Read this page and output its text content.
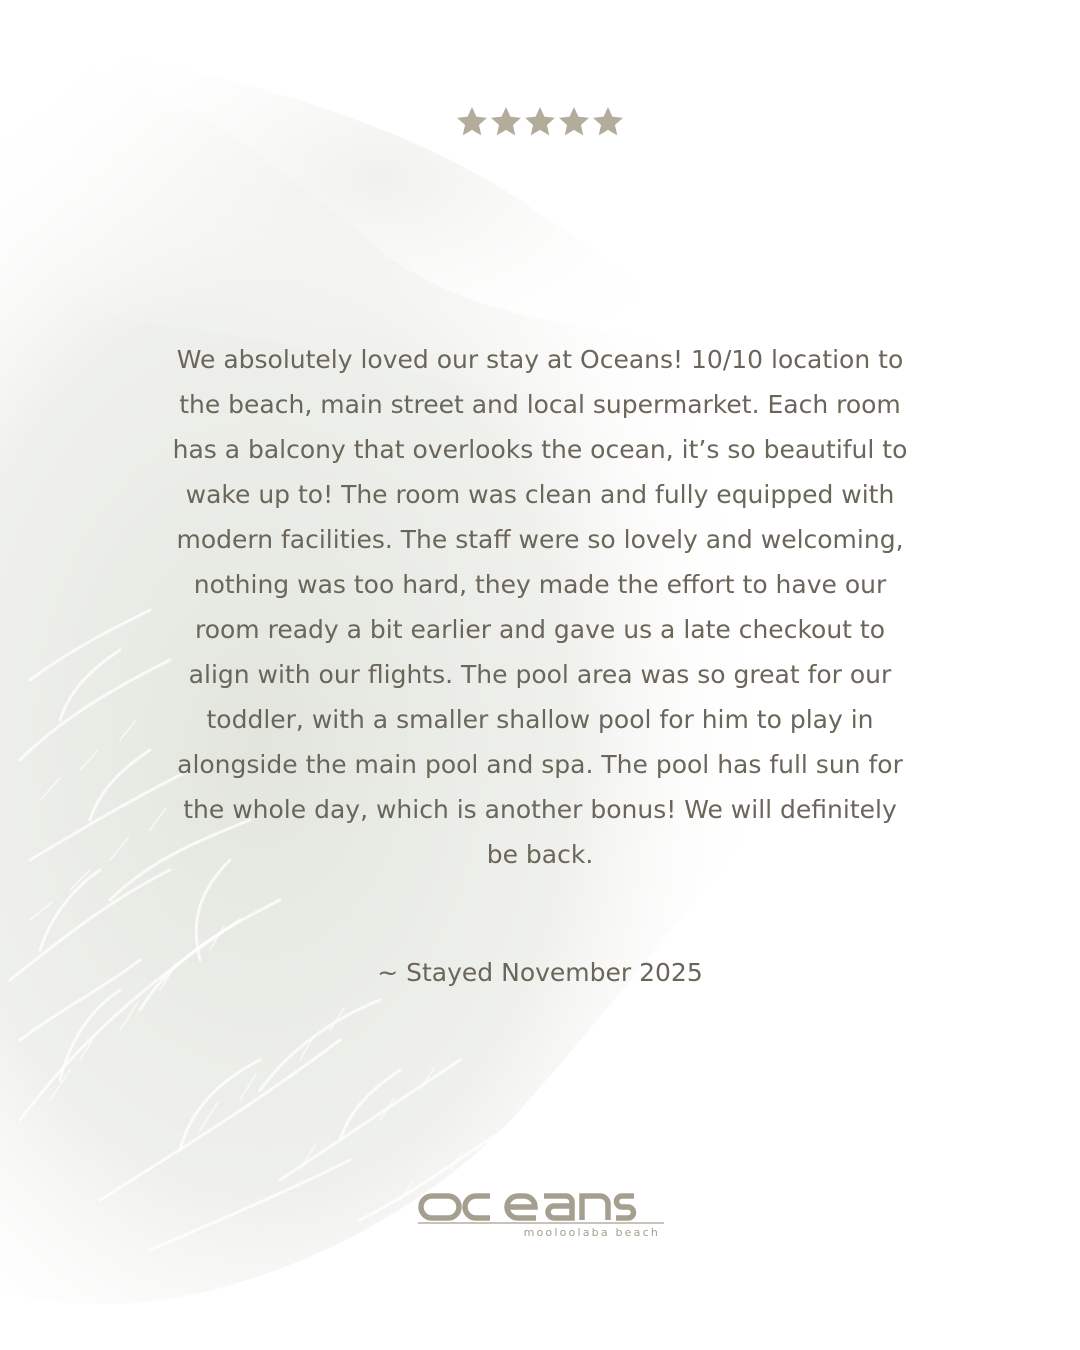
We absolutely loved our stay at Oceans! 10/10 location to
the beach, main street and local supermarket. Each room
has a balcony that overlooks the ocean, it’s so beautiful to
wake up to! The room was clean and fully equipped with
modern facilities. The staff were so lovely and welcoming,
nothing was too hard, they made the effort to have our
room ready a bit earlier and gave us a late checkout to
align with our flights. The pool area was so great for our
toddler, with a smaller shallow pool for him to play in
alongside the main pool and spa. The pool has full sun for
the whole day, which is another bonus! We will definitely
be back.
~ Stayed November 2025
mooloolaba beach
